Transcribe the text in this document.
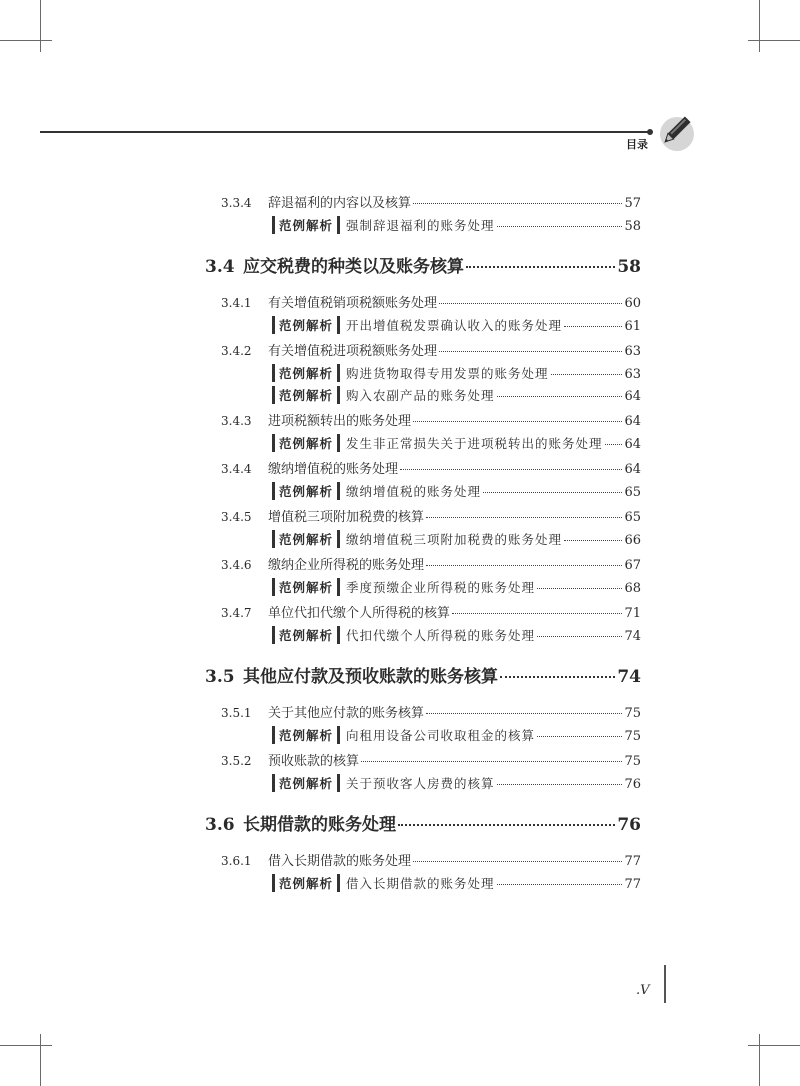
目录
3.3.4	辞退福利的内容以及核算	57
范例解析	强制辞退福利的账务处理	58
3.4 应交税费的种类以及账务核算	58
3.4.1	有关增值税销项税额账务处理	60
范例解析	开出增值税发票确认收入的账务处理	61
3.4.2	有关增值税进项税额账务处理	63
范例解析	购进货物取得专用发票的账务处理	63
范例解析	购入农副产品的账务处理	64
3.4.3	进项税额转出的账务处理	64
范例解析	发生非正常损失关于进项税转出的账务处理 64
3.4.4	缴纳增值税的账务处理	64
范例解析	缴纳增值税的账务处理	65
3.4.5	增值税三项附加税费的核算	65
范例解析	缴纳增值税三项附加税费的账务处理	66
3.4.6	缴纳企业所得税的账务处理	67
范例解析	季度预缴企业所得税的账务处理	68
3.4.7	单位代扣代缴个人所得税的核算	71
范例解析	代扣代缴个人所得税的账务处理	74
3.5 其他应付款及预收账款的账务核算	74
3.5.1	关于其他应付款的账务核算	75
范例解析	向租用设备公司收取租金的核算	75
3.5.2	预收账款的核算	75
范例解析	关于预收客人房费的核算	76
3.6 长期借款的账务处理	76
3.6.1	借入长期借款的账务处理	77
范例解析	借入长期借款的账务处理	77
.V
